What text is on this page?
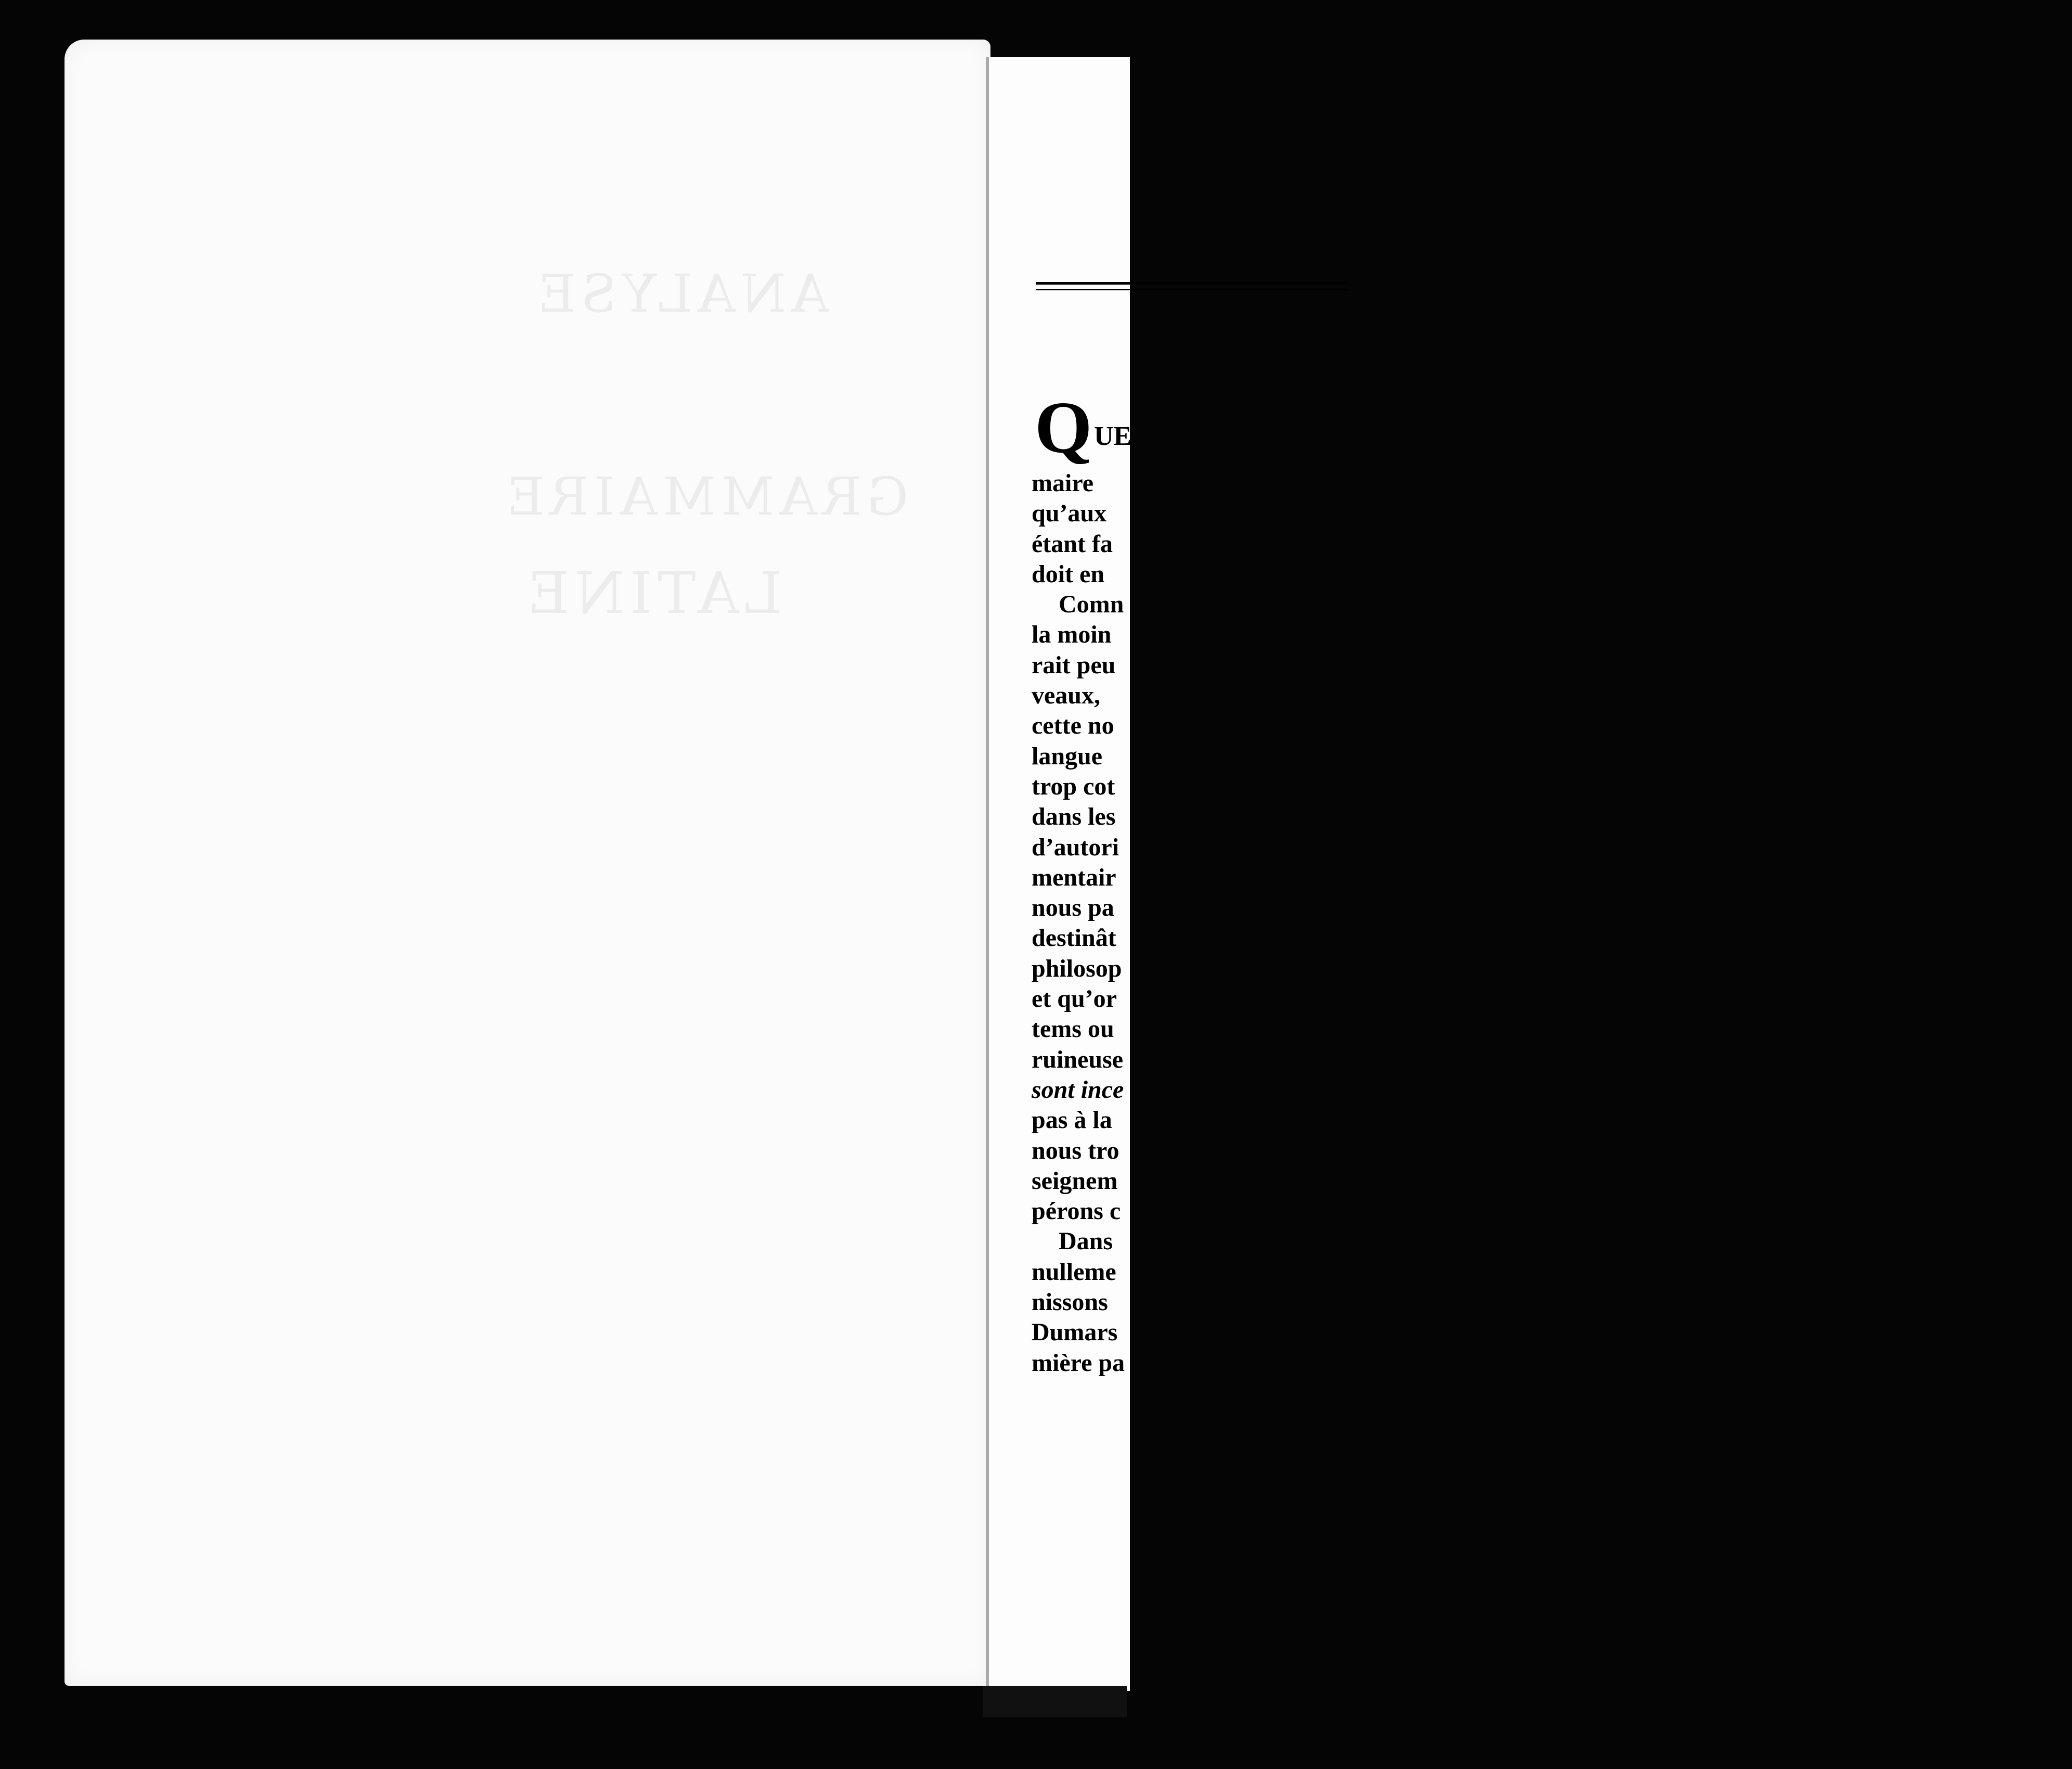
ANALYSE
GRAMMAIRE
LATINE
Q UE
maire
qu’aux
étant fa
doit en
Comn
la moin
rait peu
veaux,
cette no
langue
trop cot
dans les
d’autori
mentair
nous pa
destinât
philosop
et qu’or
tems ou
ruineuse
sont ince
pas à la
nous tro
seignem
pérons c
Dans
nulleme
nissons
Dumars
mière pa
